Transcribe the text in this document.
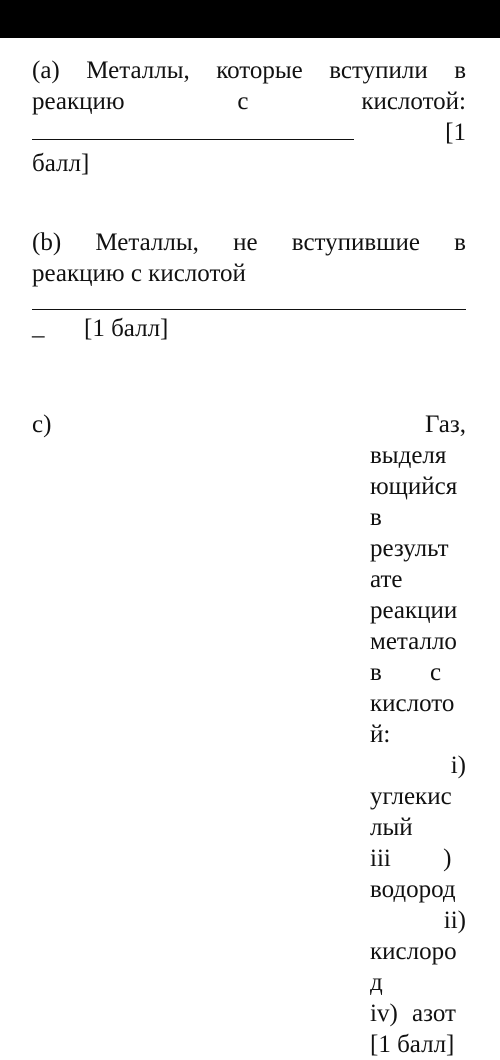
(a) Металлы, которые вступили в
реакцию	с	кислотой:
[1
балл]
(b) Металлы, не вступившие в
реакцию с кислотой
_ [1 балл]
c)	Газ,
выделя
ющийся
в
результ
ате
реакции
металло
в с
кислото
й:
i)
углекис
лый
iii )
водород
ii)
кислоро
д
iv) азот
[1 балл]
